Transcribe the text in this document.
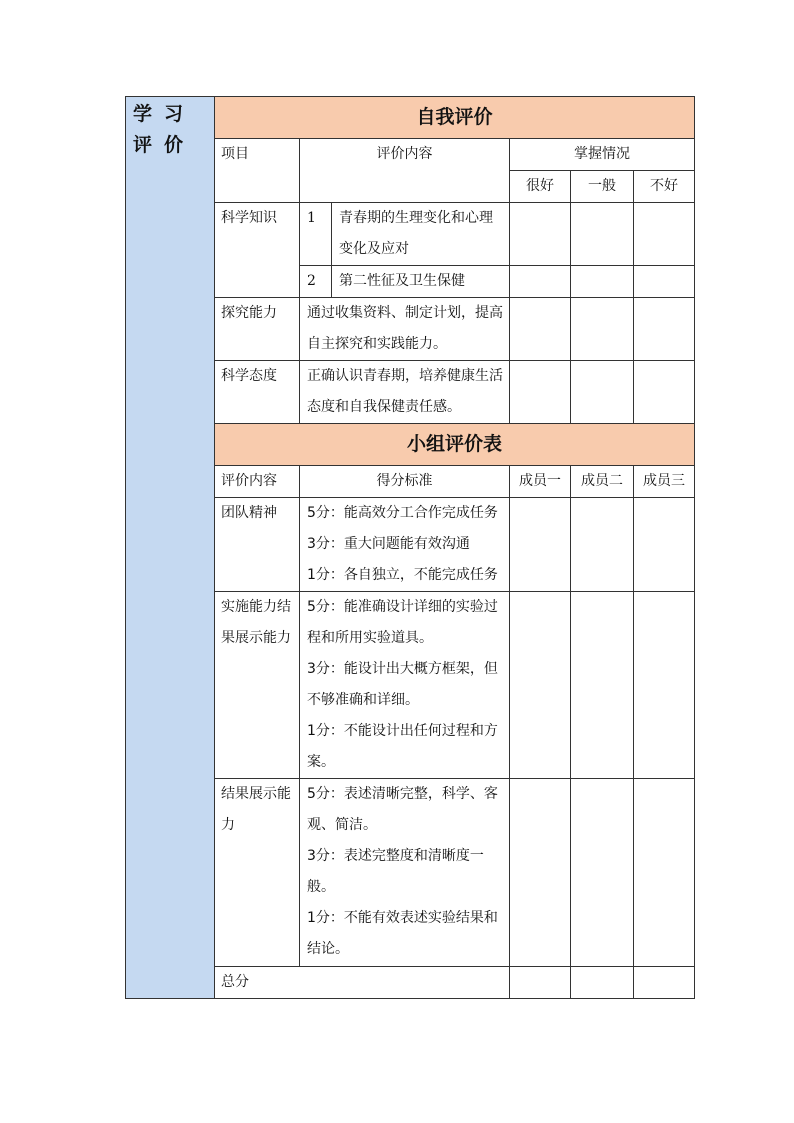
学习评价	自我评价					
	项目	评价内容		掌握情况		
				很好	一般	不好
	科学知识	1	青春期的生理变化和心理变化及应对			
		2	第二性征及卫生保健			
	探究能力	通过收集资料、制定计划，提高自主探究和实践能力。				
	科学态度	正确认识青春期，培养健康生活态度和自我保健责任感。				
	小组评价表					
	评价内容	得分标准		成员一	成员二	成员三
	团队精神	5分：能高效分工合作完成任务

3分：重大问题能有效沟通

1分：各自独立，不能完成任务				

	实施能力结果展示能力	5分：能准确设计详细的实验过程和所用实验道具。

3分：能设计出大概方框架，但不够准确和详细。

1分：不能设计出任何过程和方案。				

	结果展示能力	5分：表述清晰完整，科学、客观、简洁。

3分：表述完整度和清晰度一般。

1分：不能有效表述实验结果和结论。				

	总分					
